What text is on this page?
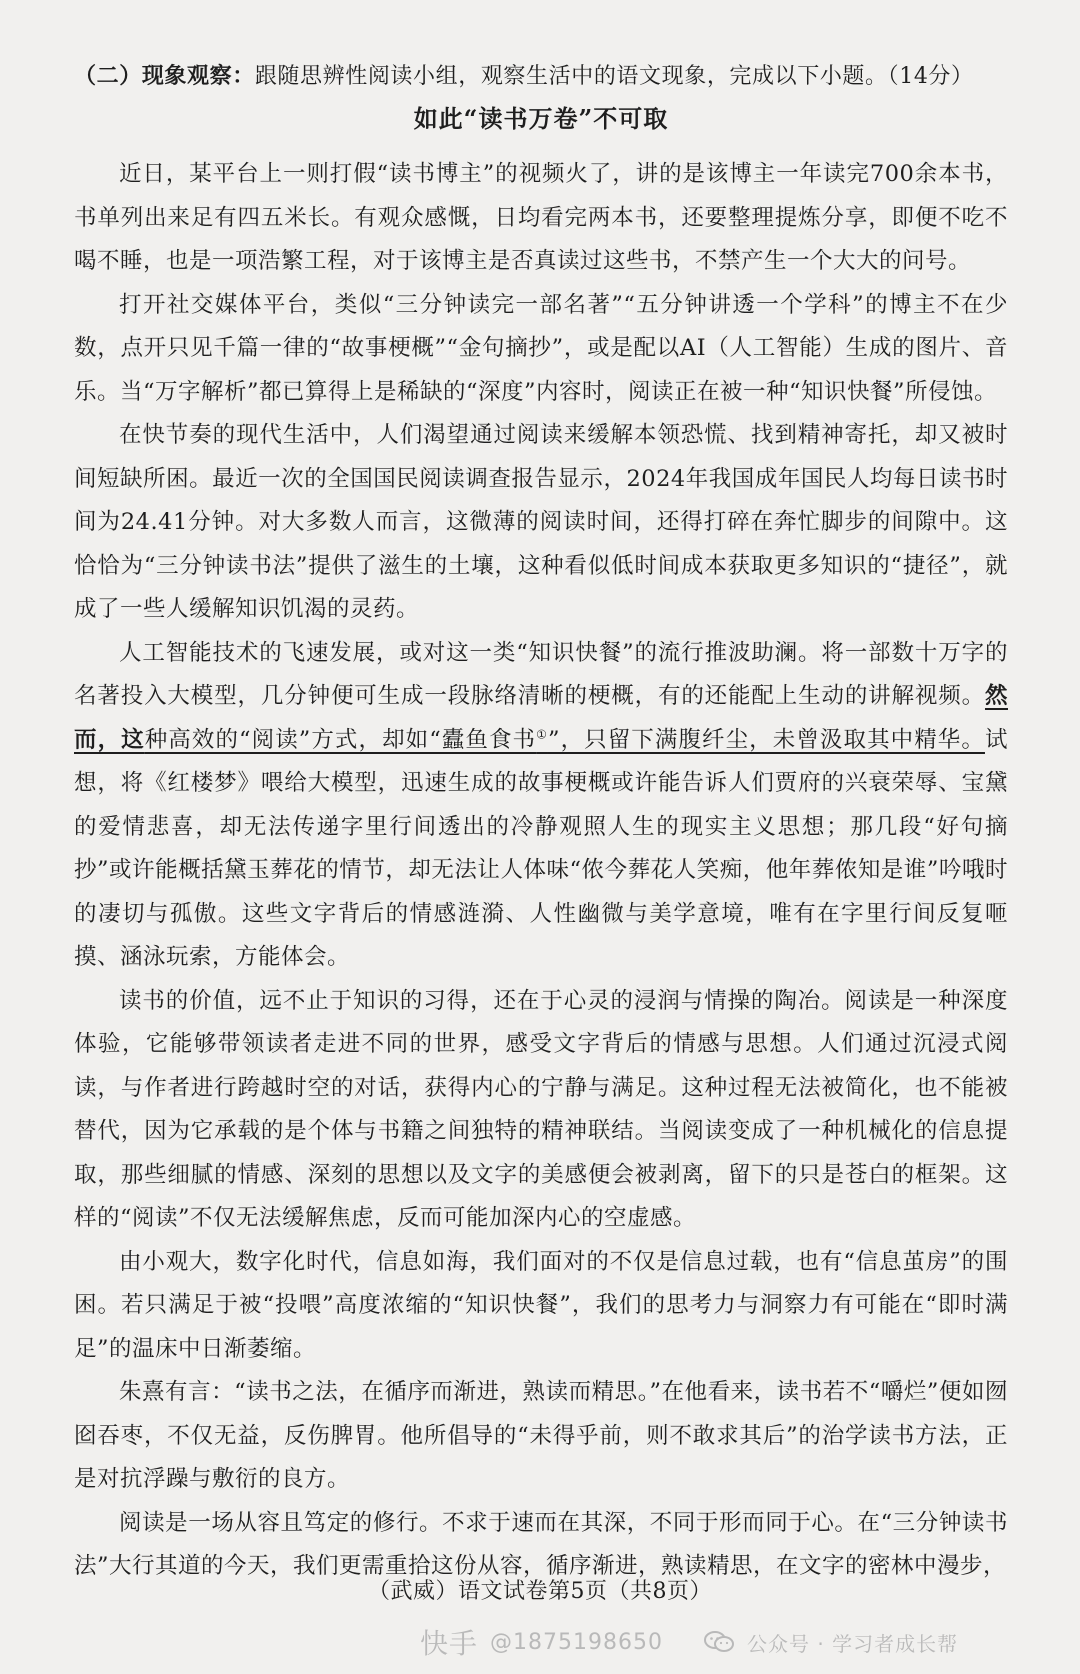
（二）现象观察：跟随思辨性阅读小组，观察生活中的语文现象，完成以下小题。（14分）

如此“读书万卷”不可取

近日，某平台上一则打假“读书博主”的视频火了，讲的是该博主一年读完700余本书，书单列出来足有四五米长。有观众感慨，日均看完两本书，还要整理提炼分享，即便不吃不喝不睡，也是一项浩繁工程，对于该博主是否真读过这些书，不禁产生一个大大的问号。

打开社交媒体平台，类似“三分钟读完一部名著”“五分钟讲透一个学科”的博主不在少数，点开只见千篇一律的“故事梗概”“金句摘抄”，或是配以AI（人工智能）生成的图片、音乐。当“万字解析”都已算得上是稀缺的“深度”内容时，阅读正在被一种“知识快餐”所侵蚀。

在快节奏的现代生活中，人们渴望通过阅读来缓解本领恐慌、找到精神寄托，却又被时间短缺所困。最近一次的全国国民阅读调查报告显示，2024年我国成年国民人均每日读书时间为24.41分钟。对大多数人而言，这微薄的阅读时间，还得打碎在奔忙脚步的间隙中。这恰恰为“三分钟读书法”提供了滋生的土壤，这种看似低时间成本获取更多知识的“捷径”，就成了一些人缓解知识饥渴的灵药。

人工智能技术的飞速发展，或对这一类“知识快餐”的流行推波助澜。将一部数十万字的名著投入大模型，几分钟便可生成一段脉络清晰的梗概，有的还能配上生动的讲解视频。然而，这种高效的“阅读”方式，却如“蠹鱼食书①”，只留下满腹纤尘，未曾汲取其中精华。试想，将《红楼梦》喂给大模型，迅速生成的故事梗概或许能告诉人们贾府的兴衰荣辱、宝黛的爱情悲喜，却无法传递字里行间透出的冷静观照人生的现实主义思想；那几段“好句摘抄”或许能概括黛玉葬花的情节，却无法让人体味“侬今葬花人笑痴，他年葬侬知是谁”吟哦时的凄切与孤傲。这些文字背后的情感涟漪、人性幽微与美学意境，唯有在字里行间反复咂摸、涵泳玩索，方能体会。

读书的价值，远不止于知识的习得，还在于心灵的浸润与情操的陶冶。阅读是一种深度体验，它能够带领读者走进不同的世界，感受文字背后的情感与思想。人们通过沉浸式阅读，与作者进行跨越时空的对话，获得内心的宁静与满足。这种过程无法被简化，也不能被替代，因为它承载的是个体与书籍之间独特的精神联结。当阅读变成了一种机械化的信息提取，那些细腻的情感、深刻的思想以及文字的美感便会被剥离，留下的只是苍白的框架。这样的“阅读”不仅无法缓解焦虑，反而可能加深内心的空虚感。

由小观大，数字化时代，信息如海，我们面对的不仅是信息过载，也有“信息茧房”的围困。若只满足于被“投喂”高度浓缩的“知识快餐”，我们的思考力与洞察力有可能在“即时满足”的温床中日渐萎缩。

朱熹有言：“读书之法，在循序而渐进，熟读而精思。”在他看来，读书若不“嚼烂”便如囫囵吞枣，不仅无益，反伤脾胃。他所倡导的“未得乎前，则不敢求其后”的治学读书方法，正是对抗浮躁与敷衍的良方。

阅读是一场从容且笃定的修行。不求于速而在其深，不同于形而同于心。在“三分钟读书法”大行其道的今天，我们更需重拾这份从容，循序渐进，熟读精思，在文字的密林中漫步，

（武威）语文试卷第5页（共8页）
快手 @1875198650	公众号 · 学习者成长帮
